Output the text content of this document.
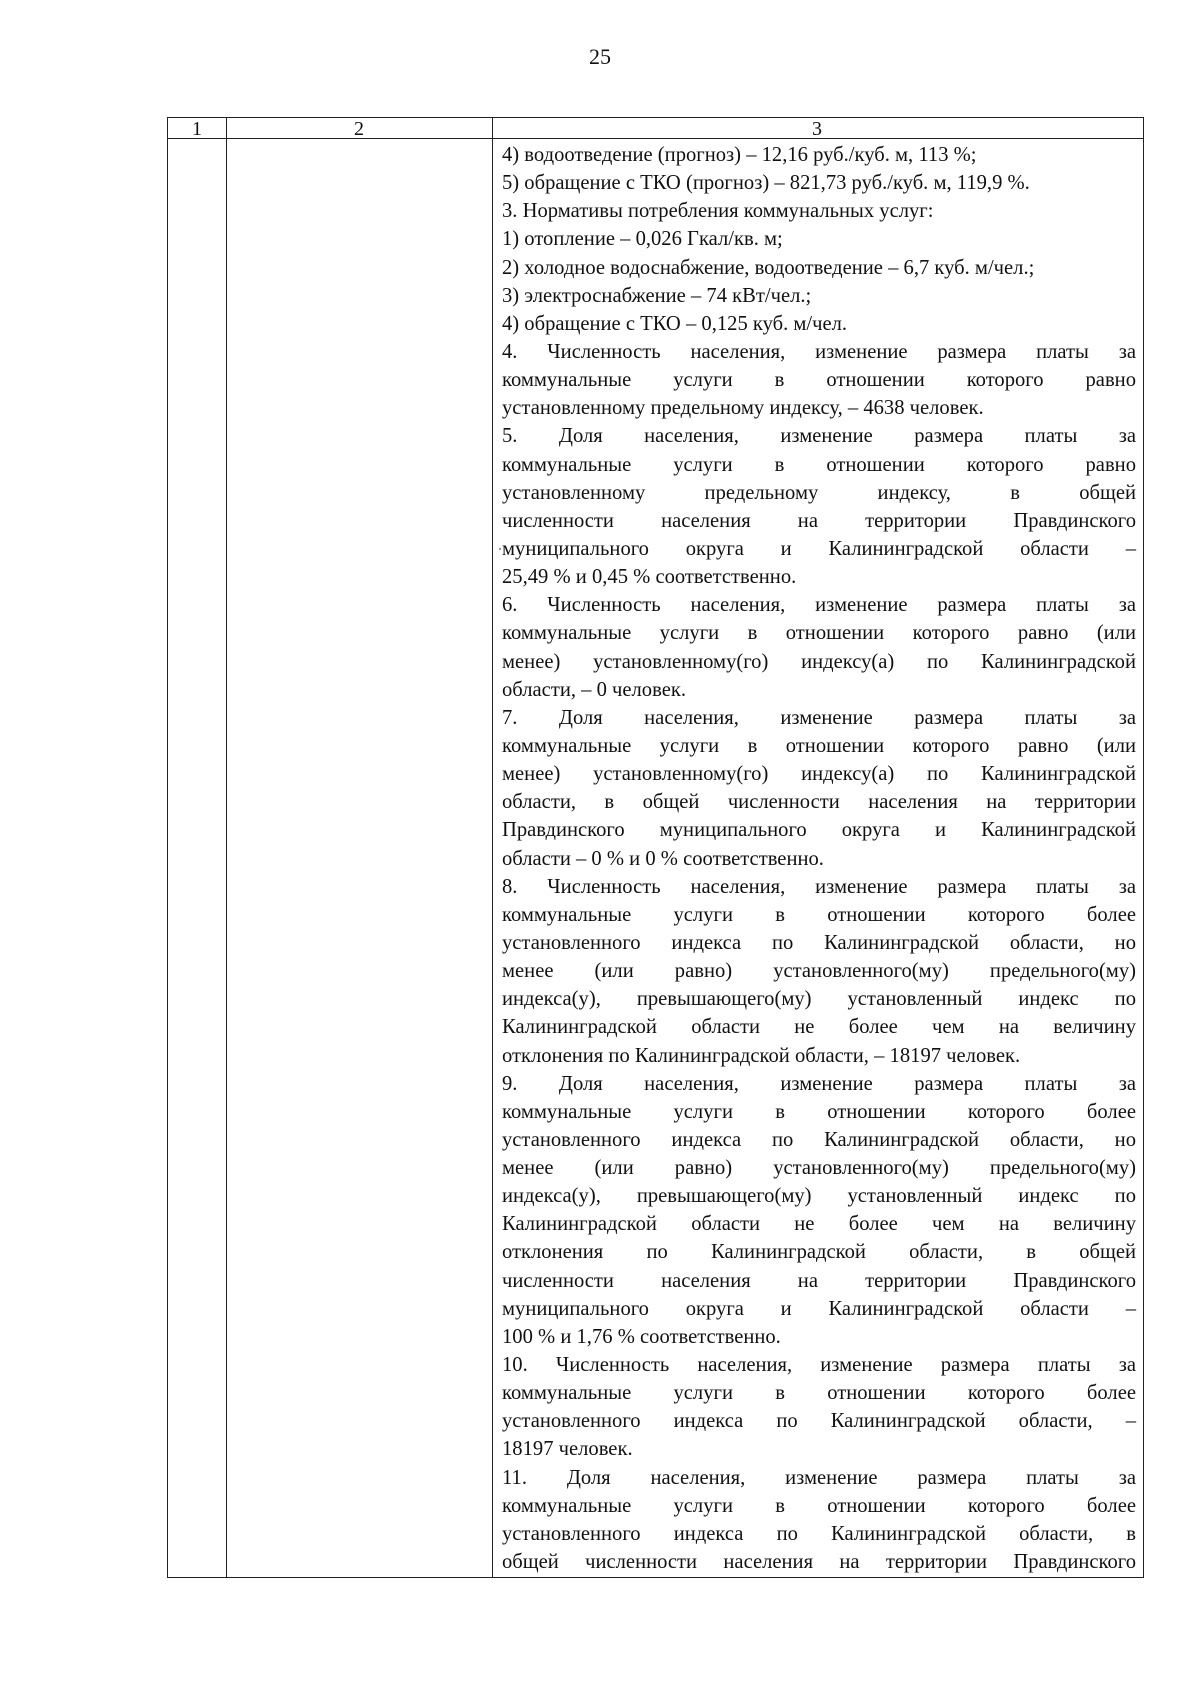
25
1	2	3
4) водоотведение (прогноз) – 12,16 руб./куб. м, 113 %;
5) обращение с ТКО (прогноз) – 821,73 руб./куб. м, 119,9 %.
3. Нормативы потребления коммунальных услуг:
1) отопление – 0,026 Гкал/кв. м;
2) холодное водоснабжение, водоотведение – 6,7 куб. м/чел.;
3) электроснабжение – 74 кВт/чел.;
4) обращение с ТКО – 0,125 куб. м/чел.
4. Численность населения, изменение размера платы за
коммунальные услуги в отношении которого равно
установленному предельному индексу, – 4638 человек.
5. Доля населения, изменение размера платы за
коммунальные услуги в отношении которого равно
установленному предельному индексу, в общей
численности населения на территории Правдинского
муниципального округа и Калининградской области –
25,49 % и 0,45 % соответственно.
6. Численность населения, изменение размера платы за
коммунальные услуги в отношении которого равно (или
менее) установленному(го) индексу(а) по Калининградской
области, – 0 человек.
7. Доля населения, изменение размера платы за
коммунальные услуги в отношении которого равно (или
менее) установленному(го) индексу(а) по Калининградской
области, в общей численности населения на территории
Правдинского муниципального округа и Калининградской
области – 0 % и 0 % соответственно.
8. Численность населения, изменение размера платы за
коммунальные услуги в отношении которого более
установленного индекса по Калининградской области, но
менее (или равно) установленного(му) предельного(му)
индекса(у), превышающего(му) установленный индекс по
Калининградской области не более чем на величину
отклонения по Калининградской области, – 18197 человек.
9. Доля населения, изменение размера платы за
коммунальные услуги в отношении которого более
установленного индекса по Калининградской области, но
менее (или равно) установленного(му) предельного(му)
индекса(у), превышающего(му) установленный индекс по
Калининградской области не более чем на величину
отклонения по Калининградской области, в общей
численности населения на территории Правдинского
муниципального округа и Калининградской области –
100 % и 1,76 % соответственно.
10. Численность населения, изменение размера платы за
коммунальные услуги в отношении которого более
установленного индекса по Калининградской области, –
18197 человек.
11. Доля населения, изменение размера платы за
коммунальные услуги в отношении которого более
установленного индекса по Калининградской области, в
общей численности населения на территории Правдинского
